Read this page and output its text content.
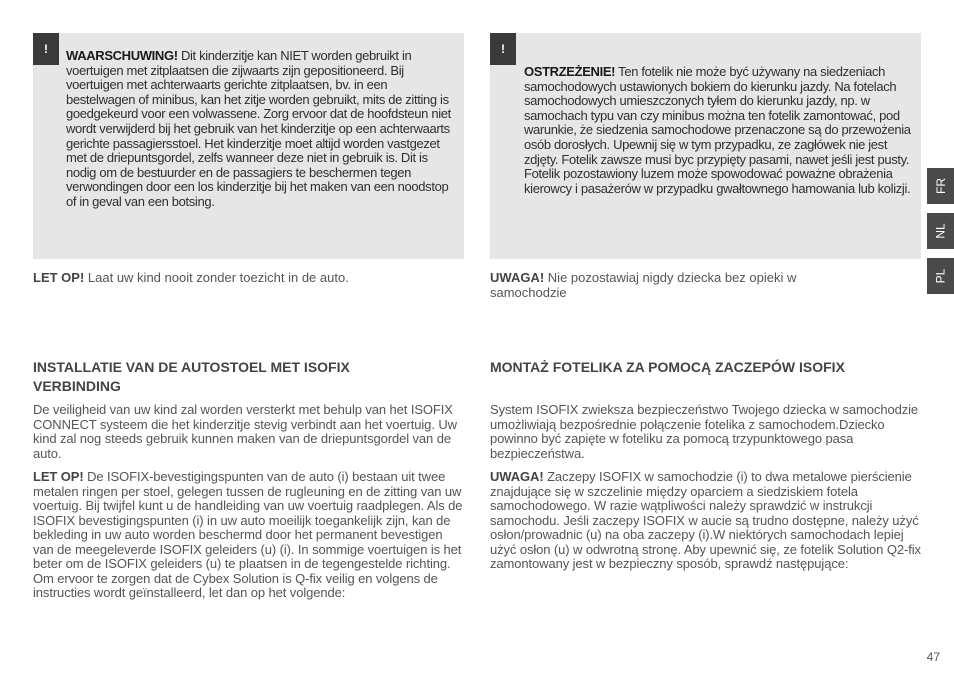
!	WAARSCHUWING! Dit kinderzitje kan NIET worden gebruikt in voertuigen met zitplaatsen die zijwaarts zijn gepositioneerd. Bij voertuigen met achterwaarts gerichte zitplaatsen, bv. in een bestelwagen of minibus, kan het zitje worden gebruikt, mits de zitting is goedgekeurd voor een volwassene. Zorg ervoor dat de hoofdsteun niet wordt verwijderd bij het gebruik van het kinderzitje op een achterwaarts gerichte passagiersstoel. Het kinderzitje moet altijd worden vastgezet met de driepuntsgordel, zelfs wanneer deze niet in gebruik is. Dit is nodig om de bestuurder en de passagiers te beschermen tegen verwondingen door een los kinderzitje bij het maken van een noodstop of in geval van een botsing.
LET OP! Laat uw kind nooit zonder toezicht in de auto.
INSTALLATIE VAN DE AUTOSTOEL MET ISOFIX VERBINDING
De veiligheid van uw kind zal worden versterkt met behulp van het ISOFIX CONNECT systeem die het kinderzitje stevig verbindt aan het voertuig. Uw kind zal nog steeds gebruik kunnen maken van de driepuntsgordel van de auto.
LET OP! De ISOFIX-bevestigingspunten van de auto (i) bestaan uit twee metalen ringen per stoel, gelegen tussen de rugleuning en de zitting van uw voertuig. Bij twijfel kunt u de handleiding van uw voertuig raadplegen. Als de ISOFIX bevestigingspunten (i) in uw auto moeilijk toegankelijk zijn, kan de bekleding in uw auto worden beschermd door het permanent bevestigen van de meegeleverde ISOFIX geleiders (u) (i). In sommige voertuigen is het beter om de ISOFIX geleiders (u) te plaatsen in de tegengestelde richting. Om ervoor te zorgen dat de Cybex Solution is Q-fix veilig en volgens de instructies wordt geïnstalleerd, let dan op het volgende:
!
OSTRZEŻENIE! Ten fotelik nie może być używany na siedzeniach samochodowych ustawionych bokiem do kierunku jazdy. Na fotelach samochodowych umieszczonych tyłem do kierunku jazdy, np. w samochach typu van czy minibus można ten fotelik zamontować, pod warunkie, że siedzenia samochodowe przenaczone są do przewożenia osób dorosłych. Upewnij się w tym przypadku, ze zagłówek nie jest zdjęty. Fotelik zawsze musi byc przypięty pasami, nawet jeśli jest pusty. Fotelik pozostawiony luzem może spowodować poważne obrażenia kierowcy i pasażerów w przypadku gwałtownego hamowania lub kolizji.
UWAGA! Nie pozostawiaj nigdy dziecka bez opieki w samochodzie
MONTAŻ FOTELIKA ZA POMOCĄ ZACZEPÓW ISOFIX
System ISOFIX zwieksza bezpieczeństwo Twojego dziecka w samochodzie umożliwiają bezpośrednie połączenie fotelika z samochodem.Dziecko powinno być zapięte w foteliku za pomocą trzypunktowego pasa bezpieczeństwa.
UWAGA! Zaczepy ISOFIX w samochodzie (i) to dwa metalowe pierścienie znajdujące się w szczelinie między oparciem a siedziskiem fotela samochodowego. W razie wątpliwości należy sprawdzić w instrukcji samochodu. Jeśli zaczepy ISOFIX w aucie są trudno dostępne, należy użyć osłon/prowadnic (u) na oba zaczepy (i).W niektórych samochodach lepiej użyć osłon (u) w odwrotną stronę. Aby upewnić się, ze fotelik Solution Q2-fix zamontowany jest w bezpieczny sposób, sprawdź następujące:
FR
NL
PL
47
